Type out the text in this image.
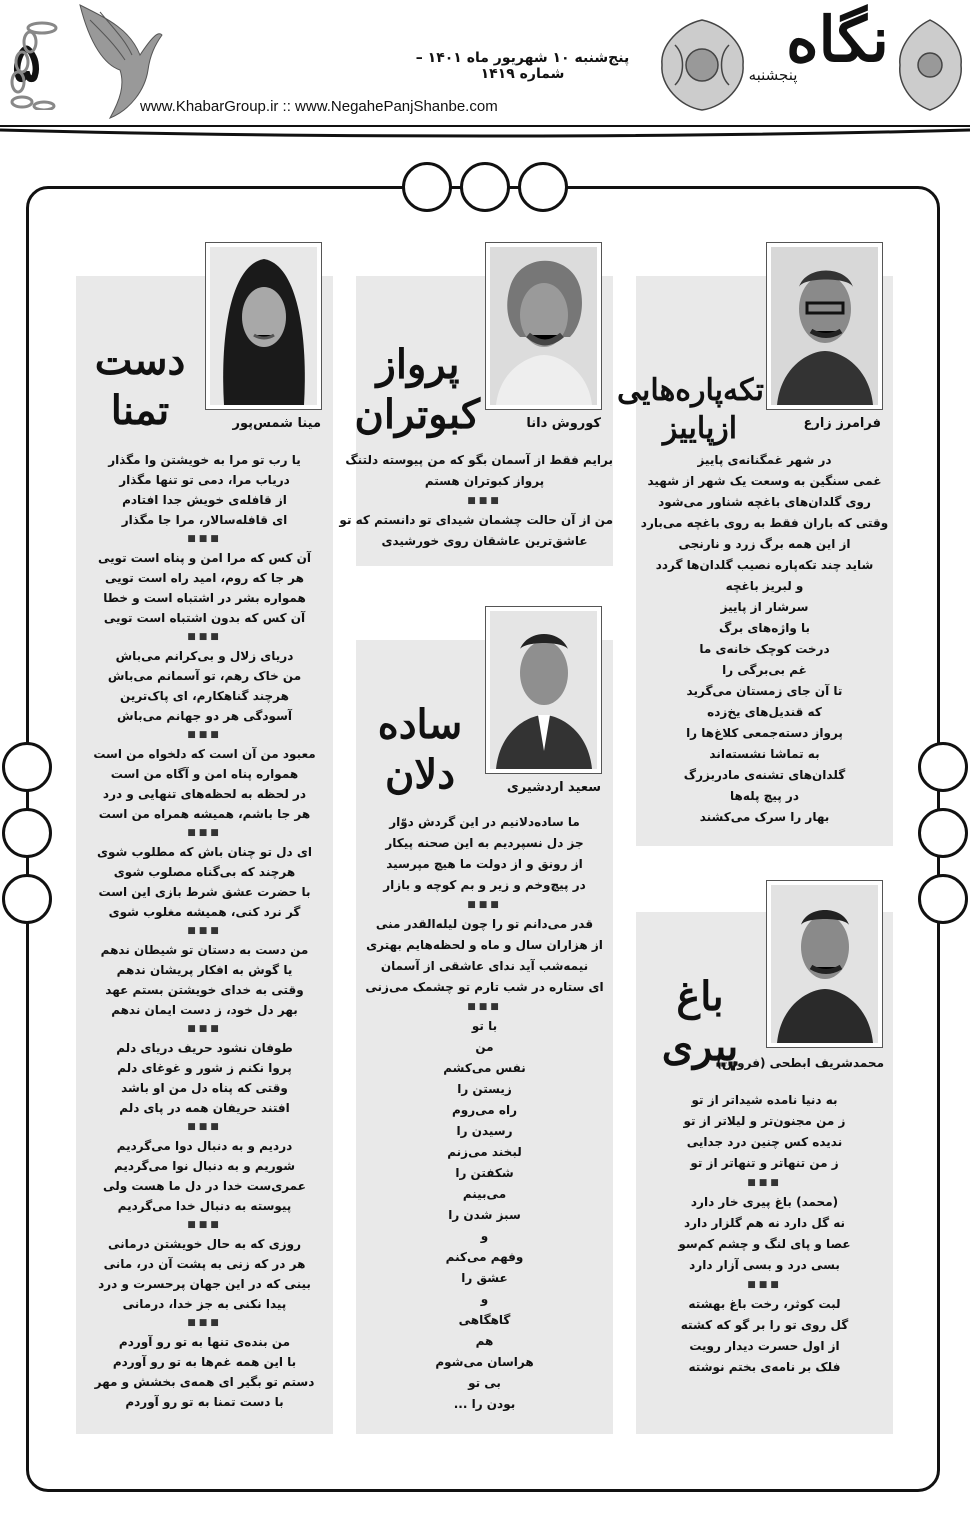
۵	پنج‌شنبه ۱۰ شهریور ماه ۱۴۰۱ – شماره ۱۴۱۹
www.KhabarGroup.ir :: www.NegahePanjShanbe.com
نگاه
پنجشنبه
فرامرز زارع
تکه‌پاره‌هایی
ازپاییز
در شهر غمگنانه‌ی پاییز
غمی سنگین به وسعت یک شهر از شهید
روی گلدان‌های باغچه شناور می‌شود
وقتی که باران فقط به روی باغچه می‌بارد
از این همه برگ زرد و نارنجی
شاید چند تکه‌پاره نصیب گلدان‌ها گردد
و لبریز باغچه
سرشار از پاییز
با واژه‌های برگ
درخت کوچک خانه‌ی ما
غم بی‌برگی را
تا آن جای زمستان می‌گرید
که قندیل‌های یخ‌زده
پرواز دسته‌جمعی کلاغ‌ها را
به تماشا نشسته‌اند
گلدان‌های تشنه‌ی مادربزرگ
در پیچ پله‌ها
بهار را سرک می‌کشند
محمدشریف ابطحی (فروتن)
باغ
پیری
به دنیا نامده شیداتر از تو
ز من مجنون‌تر و لیلاتر از تو
ندیده کس چنین درد جدایی
ز من تنهاتر و تنهاتر از تو
■■■
(محمد) باغ پیری خار دارد
نه گل دارد نه هم گلزار دارد
عصا و پای لنگ و چشم کم‌سو
بسی درد و بسی آزار دارد
■■■
لبت کوثر، رخت باغ بهشته
گل روی تو را بر گو که کشته
از اول حسرت دیدار رویت
فلک بر نامه‌ی بختم نوشته
کوروش دانا
پرواز
کبوتران
برایم فقط از آسمان بگو که من پیوسته دلتنگ
پرواز کبوتران هستم
■■■
من از آن حالت چشمان شیدای تو دانستم که تو
عاشق‌ترین عاشقان روی خورشیدی
سعید اردشیری
ساده
دلان
ما ساده‌دلانیم در این گردش دوّار
جز دل نسپردیم به این صحنه پیکار
از رونق و از دولت ما هیچ مپرسید
در پیچ‌وخم و زیر و بم کوچه و بازار
■■■
قدر می‌دانم تو را چون لیله‌القدر منی
از هزاران سال و ماه و لحظه‌هایم بهتری
نیمه‌شب آید ندای عاشقی از آسمان
ای ستاره در شب تارم تو چشمک می‌زنی
■■■
با تو
من
نفس می‌کشم
زیستن را
راه می‌روم
رسیدن را
لبخند می‌زنم
شکفتن را
می‌بینم
سبز شدن را
و
وفهم می‌کنم
عشق را
و
گاهگاهی
هم
هراسان می‌شوم
بی تو
بودن را ...
مینا شمس‌پور
دست
تمنا
یا رب تو مرا به خویشتن وا مگذار
دریاب مرا، دمی تو تنها مگذار
از قافله‌ی خویش جدا افتادم
ای قافله‌سالار، مرا جا مگذار
■■■
آن کس که مرا امن و پناه است تویی
هر جا که روم، امید راه است تویی
همواره بشر در اشتباه است و خطا
آن کس که بدون اشتباه است تویی
■■■
دریای زلال و بی‌کرانم می‌باش
من خاک رهم، تو آسمانم می‌باش
هرچند گناهکارم، ای پاک‌ترین
آسودگی هر دو جهانم می‌باش
■■■
معبود من آن است که دلخواه من است
همواره پناه امن و آگاه من است
در لحظه به لحظه‌های تنهایی و درد
هر جا باشم، همیشه همراه من است
■■■
ای دل تو چنان باش که مطلوب شوی
هرچند که بی‌گناه مصلوب شوی
با حضرت عشق شرط بازی این است
گر نرد کنی، همیشه مغلوب شوی
■■■
من دست به دستان تو شیطان ندهم
یا گوش به افکار پریشان ندهم
وقتی به خدای خویشتن بستم عهد
بهر دل خود، ز دست ایمان ندهم
■■■
طوفان نشود حریف دریای دلم
پروا نکنم ز شور و غوغای دلم
وقتی که پناه دل من او باشد
افتند حریفان همه در پای دلم
■■■
دردیم و به دنبال دوا می‌گردیم
شوریم و به دنبال نوا می‌گردیم
عمری‌ست خدا در دل ما هست ولی
پیوسته به دنبال خدا می‌گردیم
■■■
روزی که به حال خویشتن درمانی
هر در که زنی به پشت آن در، مانی
بینی که در این جهان پرحسرت و درد
پیدا نکنی به جز خدا، درمانی
■■■
من بنده‌ی تنها به تو رو آوردم
با این همه غم‌ها به تو رو آوردم
دستم تو بگیر ای همه‌ی بخشش و مهر
با دست تمنا به تو رو آوردم
